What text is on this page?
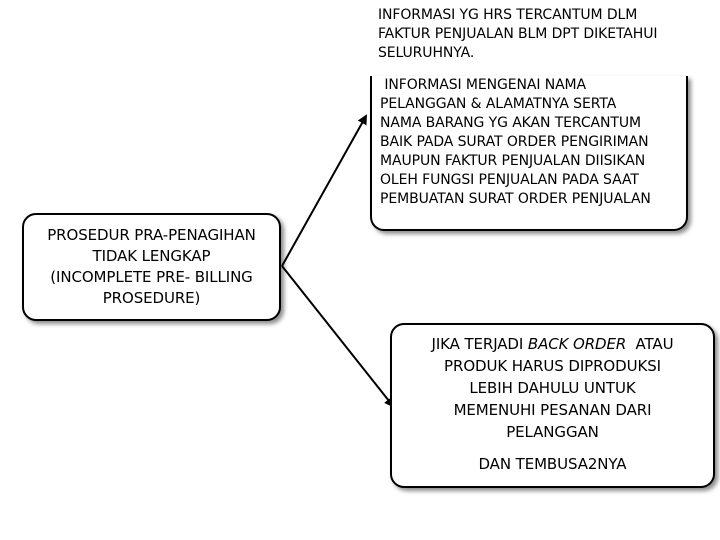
INFORMASI YG HRS TERCANTUM DLM
FAKTUR PENJUALAN BLM DPT DIKETAHUI
SELURUHNYA.
INFORMASI MENGENAI NAMA
PELANGGAN & ALAMATNYA SERTA
NAMA BARANG YG AKAN TERCANTUM
BAIK PADA SURAT ORDER PENGIRIMAN
MAUPUN FAKTUR PENJUALAN DIISIKAN
OLEH FUNGSI PENJUALAN PADA SAAT
PEMBUATAN SURAT ORDER PENJUALAN
PROSEDUR PRA-PENAGIHAN
TIDAK LENGKAP
(INCOMPLETE PRE- BILLING
PROSEDURE)
JIKA TERJADI BACK ORDER  ATAU
PRODUK HARUS DIPRODUKSI
LEBIH DAHULU UNTUK
MEMENUHI PESANAN DARI
PELANGGAN
DAN TEMBUSA2NYA
